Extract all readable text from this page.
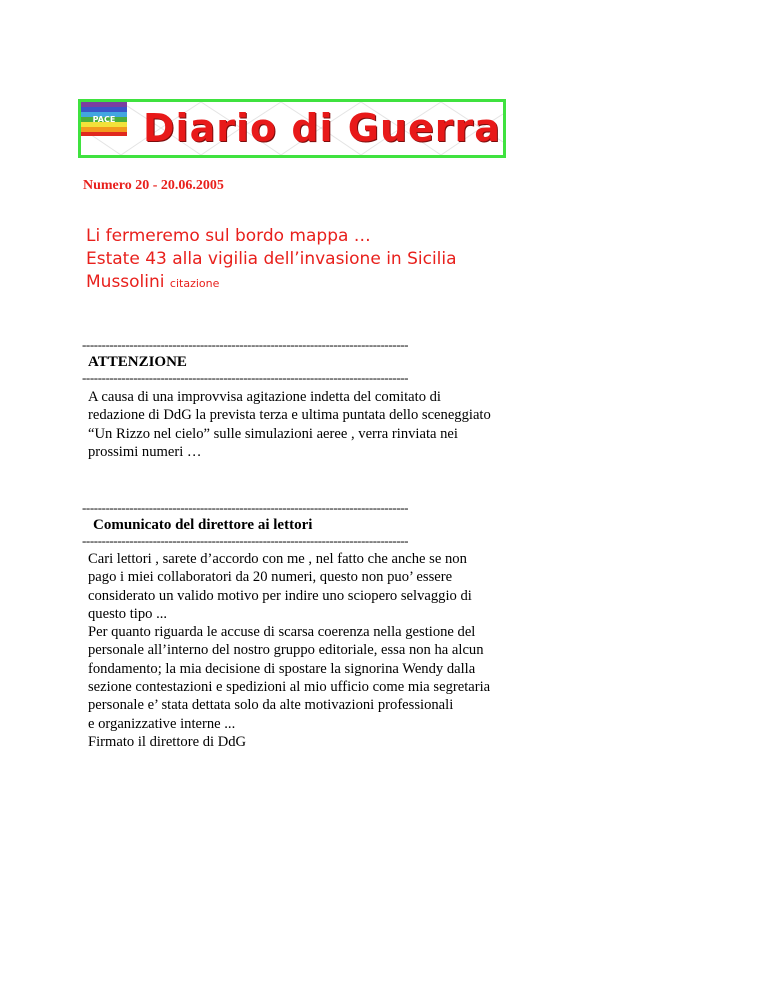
PACE Diario di Guerra
Numero 20 - 20.06.2005
Li fermeremo sul bordo mappa …
Estate 43 alla vigilia dell’invasione in Sicilia
Mussolini citazione
-----------------------------------------------------------------------------------
ATTENZIONE
-----------------------------------------------------------------------------------
A causa di una improvvisa agitazione indetta del comitato di
redazione di DdG la prevista terza e ultima puntata dello sceneggiato
“Un Rizzo nel cielo” sulle simulazioni aeree , verra rinviata nei
prossimi numeri …
-----------------------------------------------------------------------------------
Comunicato del direttore ai lettori
-----------------------------------------------------------------------------------
Cari lettori , sarete d’accordo con me , nel fatto che anche se non
pago i miei collaboratori da 20 numeri, questo non puo’ essere
considerato un valido motivo per indire uno sciopero selvaggio di
questo tipo ...
Per quanto riguarda le accuse di scarsa coerenza nella gestione del
personale all’interno del nostro gruppo editoriale, essa non ha alcun
fondamento; la mia decisione di spostare la signorina Wendy dalla
sezione contestazioni e spedizioni al mio ufficio come mia segretaria
personale e’ stata dettata solo da alte motivazioni professionali
e organizzative interne ...
Firmato il direttore di DdG
